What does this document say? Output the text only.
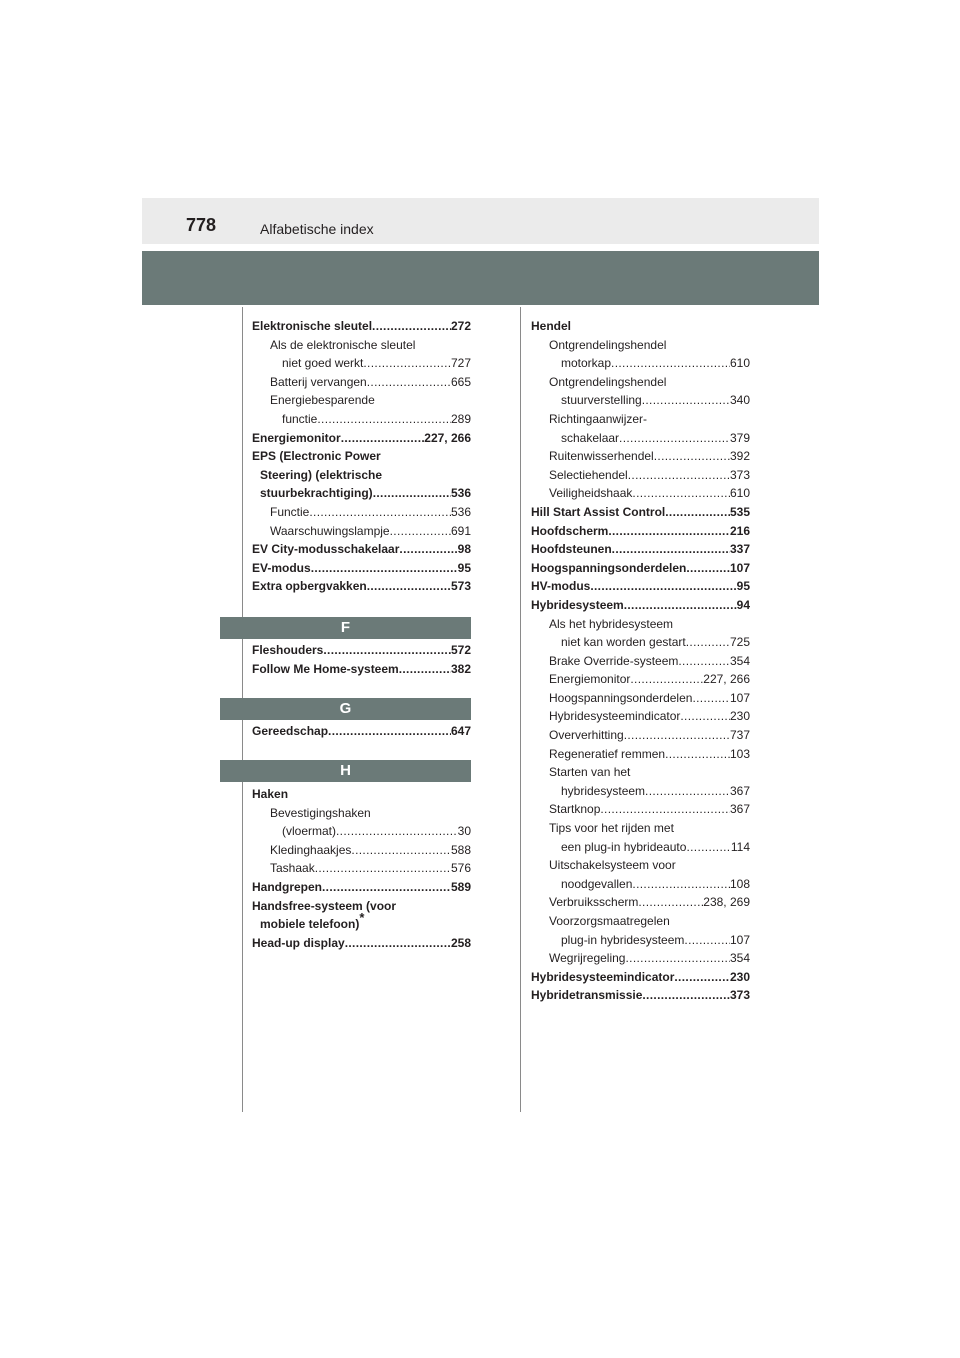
778	Alfabetische index
Elektronische sleutel . . .	272
Als de elektronische sleutel
niet goed werkt . . .	727
Batterij vervangen . . .	665
Energiebesparende
functie . . .	289
Energiemonitor . . .	227, 266
EPS (Electronic Power
Steering) (elektrische
stuurbekrachtiging) . . .	536
Functie . . .	536
Waarschuwingslampje . . .	691
EV City-modusschakelaar . . .	98
EV-modus . . .	95
Extra opbergvakken . . .	573
F
Fleshouders . . .	572
Follow Me Home-systeem . . .	382
G
Gereedschap . . .	647
H
Haken
Bevestigingshaken
(vloermat) . . .	30
Kledinghaakjes . . .	588
Tashaak . . .	576
Handgrepen . . .	589
Handsfree-systeem (voor
mobiele telefoon)*
Head-up display . . .	258
Hendel
Ontgrendelingshendel
motorkap . . .	610
Ontgrendelingshendel
stuurverstelling . . .	340
Richtingaanwijzer-
schakelaar . . .	379
Ruitenwisserhendel . . .	392
Selectiehendel . . .	373
Veiligheidshaak . . .	610
Hill Start Assist Control . . .	535
Hoofdscherm . . .	216
Hoofdsteunen . . .	337
Hoogspanningsonderdelen . . .	107
HV-modus . . .	95
Hybridesysteem . . .	94
Als het hybridesysteem
niet kan worden gestart . . .	725
Brake Override-systeem . . .	354
Energiemonitor . . .	227, 266
Hoogspanningsonderdelen . . .	107
Hybridesysteemindicator . . .	230
Oververhitting . . .	737
Regeneratief remmen . . .	103
Starten van het
hybridesysteem . . .	367
Startknop . . .	367
Tips voor het rijden met
een plug-in hybrideauto . . .	114
Uitschakelsysteem voor
noodgevallen . . .	108
Verbruiksscherm . . .	238, 269
Voorzorgsmaatregelen
plug-in hybridesysteem . . .	107
Wegrijregeling . . .	354
Hybridesysteemindicator . . .	230
Hybridetransmissie . . .	373
